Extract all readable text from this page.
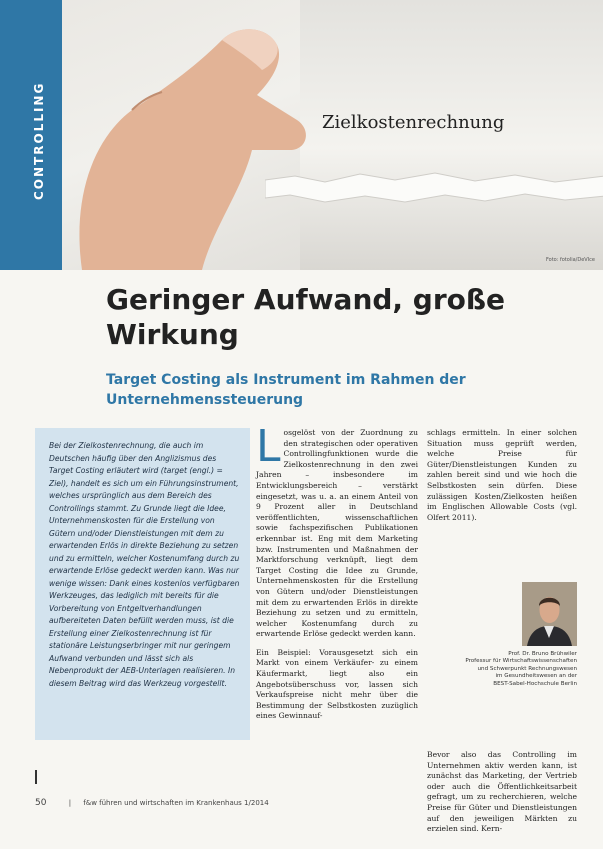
CONTROLLING	Zielkostenrechnung
Foto: fotolia/DeVIce
Geringer Aufwand, große Wirkung
Target Costing als Instrument im Rahmen der Unternehmenssteuerung
Bei der Zielkostenrechnung, die auch im Deutschen häufig über den Anglizismus des Target Costing erläutert wird (target (engl.) = Ziel), handelt es sich um ein Führungsinstrument, welches ursprünglich aus dem Bereich des Controllings stammt. Zu Grunde liegt die Idee, Unternehmenskosten für die Erstellung von Gütern und/oder Dienstleistungen mit dem zu erwartenden Erlös in direkte Beziehung zu setzen und zu ermitteln, welcher Kostenumfang durch zu erwartende Erlöse gedeckt werden kann. Was nur wenige wissen: Dank eines kostenlos verfügbaren Werkzeuges, das lediglich mit bereits für die Vorbereitung von Entgeltverhandlungen aufbereiteten Daten befüllt werden muss, ist die Erstellung einer Zielkostenrechnung ist für stationäre Leistungserbringer mit nur geringem Aufwand verbunden und lässt sich als Nebenprodukt der AEB-Unterlagen realisieren. In diesem Beitrag wird das Werkzeug vorgestellt.
Losgelöst von der Zuordnung zu den strategischen oder operativen Controllingfunktionen wurde die Zielkostenrechnung in den zwei Jahren – insbesondere im Entwicklungsbereich – verstärkt eingesetzt, was u. a. an einem Anteil von 9 Prozent aller in Deutschland veröffentlichten, wissenschaftlichen sowie fachspezifischen Publikationen erkennbar ist. Eng mit dem Marketing bzw. Instrumenten und Maßnahmen der Marktforschung verknüpft, liegt dem Target Costing die Idee zu Grunde, Unternehmenskosten für die Erstellung von Gütern und/oder Dienstleistungen mit dem zu erwartenden Erlös in direkte Beziehung zu setzen und zu ermitteln, welcher Kostenumfang durch zu erwartende Erlöse gedeckt werden kann.
Ein Beispiel: Vorausgesetzt sich ein Markt von einem Verkäufer- zu einem Käufermarkt, liegt also ein Angebotsüberschuss vor, lassen sich Verkaufspreise nicht mehr über die Bestimmung der Selbstkosten zuzüglich eines Gewinnauf-
schlags ermitteln. In einer solchen Situation muss geprüft werden, welche Preise für Güter/Dienstleistungen Kunden zu zahlen bereit sind und wie hoch die Selbstkosten sein dürfen. Diese zulässigen Kosten/Zielkosten heißen im Englischen Allowable Costs (vgl. Olfert 2011).
Prof. Dr. Bruno Brühwiler
Professur für Wirtschaftswissenschaften
und Schwerpunkt Rechnungswesen
im Gesundheitswesen an der
BEST-Sabel-Hochschule Berlin
Bevor also das Controlling im Unternehmen aktiv werden kann, ist zunächst das Marketing, der Vertrieb oder auch die Öffentlichkeitsarbeit gefragt, um zu recherchieren, welche Preise für Güter und Dienstleistungen auf den jeweiligen Märkten zu erzielen sind. Kern-
50	| f&w führen und wirtschaften im Krankenhaus 1/2014
